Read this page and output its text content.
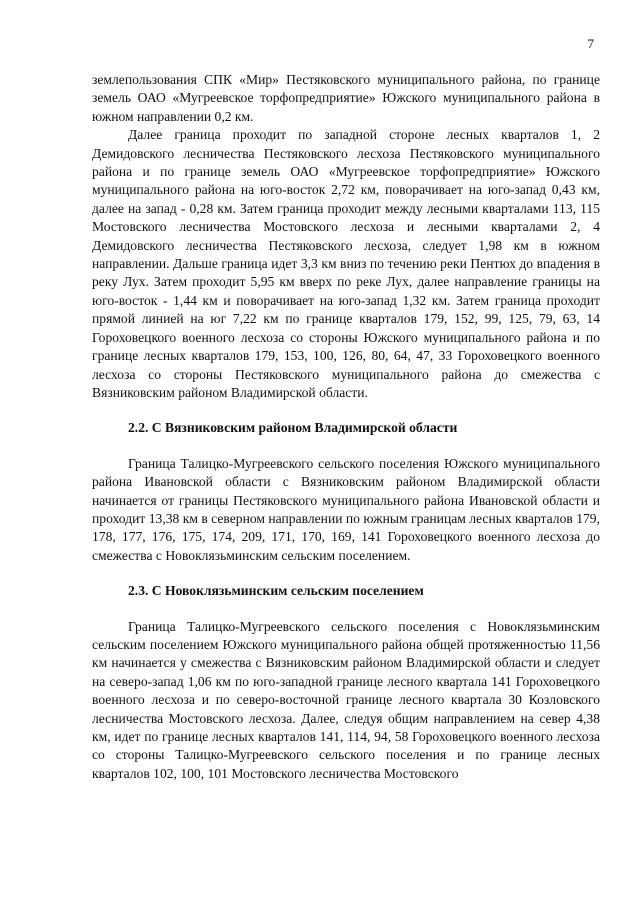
7

землепользования СПК «Мир» Пестяковского муниципального района, по границе земель ОАО «Мугреевское торфопредприятие» Южского муниципального района в южном направлении 0,2 км.

Далее граница проходит по западной стороне лесных кварталов 1, 2 Демидовского лесничества Пестяковского лесхоза Пестяковского муниципального района и по границе земель ОАО «Мугреевское торфопредприятие» Южского муниципального района на юго-восток 2,72 км, поворачивает на юго-запад 0,43 км, далее на запад - 0,28 км. Затем граница проходит между лесными кварталами 113, 115 Мостовского лесничества Мостовского лесхоза и лесными кварталами 2, 4 Демидовского лесничества Пестяковского лесхоза, следует 1,98 км в южном направлении. Дальше граница идет 3,3 км вниз по течению реки Пентюх до впадения в реку Лух. Затем проходит 5,95 км вверх по реке Лух, далее направление границы на юго-восток - 1,44 км и поворачивает на юго-запад 1,32 км. Затем граница проходит прямой линией на юг 7,22 км по границе кварталов 179, 152, 99, 125, 79, 63, 14 Гороховецкого военного лесхоза со стороны Южского муниципального района и по границе лесных кварталов 179, 153, 100, 126, 80, 64, 47, 33 Гороховецкого военного лесхоза со стороны Пестяковского муниципального района до смежества с Вязниковским районом Владимирской области.

2.2. С Вязниковским районом Владимирской области

Граница Талицко-Мугреевского сельского поселения Южского муниципального района Ивановской области с Вязниковским районом Владимирской области начинается от границы Пестяковского муниципального района Ивановской области и проходит 13,38 км в северном направлении по южным границам лесных кварталов 179, 178, 177, 176, 175, 174, 209, 171, 170, 169, 141 Гороховецкого военного лесхоза до смежества с Новоклязьминским сельским поселением.

2.3. С Новоклязьминским сельским поселением

Граница Талицко-Мугреевского сельского поселения с Новоклязьминским сельским поселением Южского муниципального района общей протяженностью 11,56 км начинается у смежества с Вязниковским районом Владимирской области и следует на северо-запад 1,06 км по юго-западной границе лесного квартала 141 Гороховецкого военного лесхоза и по северо-восточной границе лесного квартала 30 Козловского лесничества Мостовского лесхоза. Далее, следуя общим направлением на север 4,38 км, идет по границе лесных кварталов 141, 114, 94, 58 Гороховецкого военного лесхоза со стороны Талицко-Мугреевского сельского поселения и по границе лесных кварталов 102, 100, 101 Мостовского лесничества Мостовского
